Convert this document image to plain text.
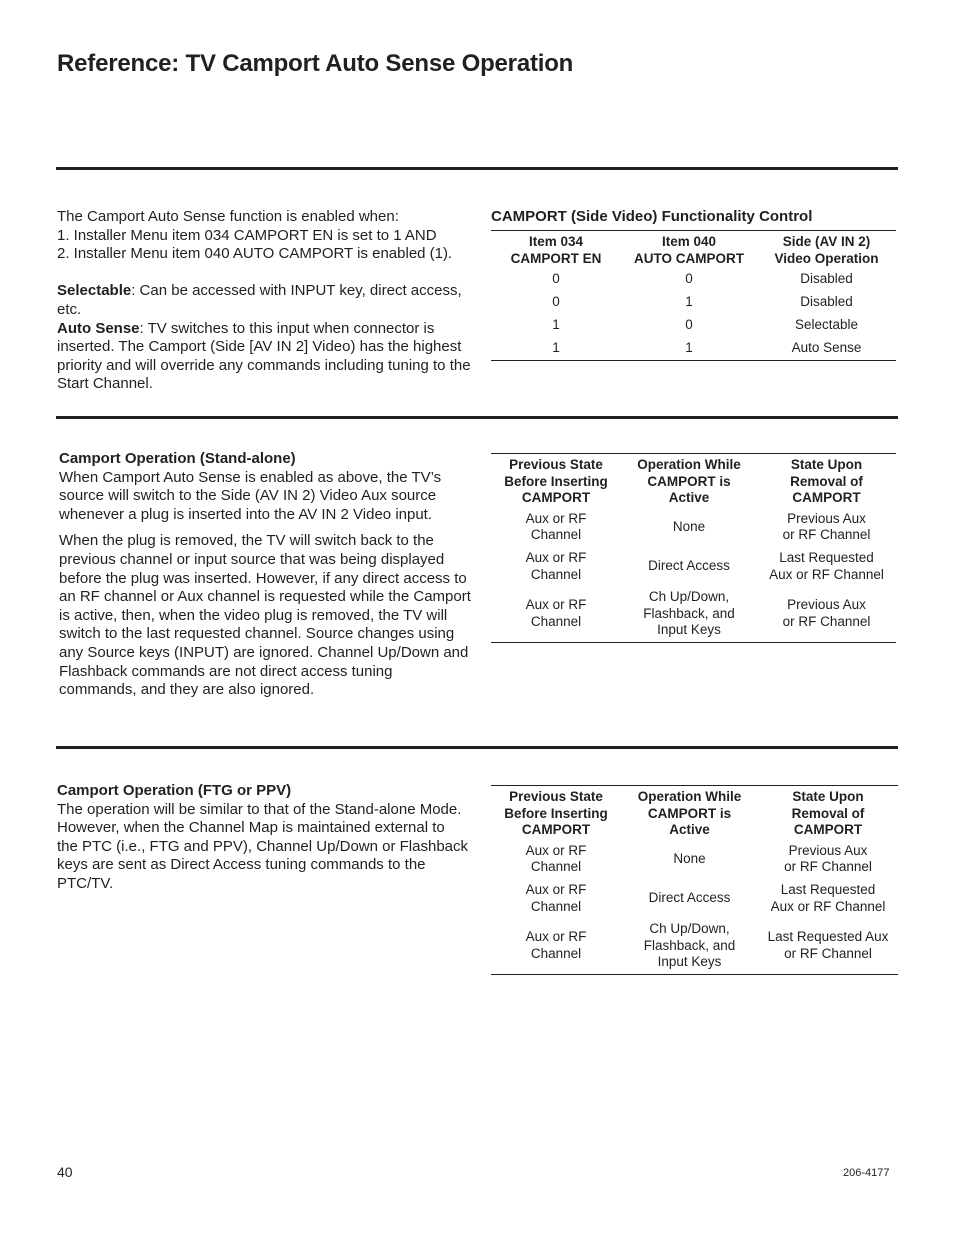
Reference: TV Camport Auto Sense Operation

The Camport Auto Sense function is enabled when:

1. Installer Menu item 034 CAMPORT EN is set to 1 AND

2. Installer Menu item 040 AUTO CAMPORT is enabled (1).

Selectable: Can be accessed with INPUT key, direct access, etc.

Auto Sense: TV switches to this input when connector is inserted. The Camport (Side [AV IN 2] Video) has the highest priority and will override any commands including tuning to the Start Channel.

CAMPORT (Side Video) Functionality Control
Item 034
CAMPORT EN	Item 040
AUTO CAMPORT	Side (AV IN 2)
Video Operation
0	0	Disabled
0	1	Disabled
1	0	Selectable
1	1	Auto Sense

Camport Operation (Stand-alone)

When Camport Auto Sense is enabled as above, the TV’s source will switch to the Side (AV IN 2) Video Aux source whenever a plug is inserted into the AV IN 2 Video input.

When the plug is removed, the TV will switch back to the previous channel or input source that was being displayed before the plug was inserted. However, if any direct access to an RF channel or Aux channel is requested while the Camport is active, then, when the video plug is removed, the TV will switch to the last requested channel. Source changes using any Source keys (INPUT) are ignored. Channel Up/Down and Flashback commands are not direct access tuning commands, and they are also ignored.

Previous State
Before Inserting
CAMPORT	Operation While
CAMPORT is
Active	State Upon
Removal of
CAMPORT
Aux or RF
Channel	None	Previous Aux
or RF Channel
Aux or RF
Channel	Direct Access	Last Requested
Aux or RF Channel
Aux or RF
Channel	Ch Up/Down,
Flashback, and
Input Keys	Previous Aux
or RF Channel

Camport Operation (FTG or PPV)

The operation will be similar to that of the Stand-alone Mode. However, when the Channel Map is maintained external to the PTC (i.e., FTG and PPV), Channel Up/Down or Flashback keys are sent as Direct Access tuning commands to the PTC/TV.

Previous State
Before Inserting
CAMPORT	Operation While
CAMPORT is
Active	State Upon
Removal of
CAMPORT
Aux or RF
Channel	None	Previous Aux
or RF Channel
Aux or RF
Channel	Direct Access	Last Requested
Aux or RF Channel
Aux or RF
Channel	Ch Up/Down,
Flashback, and
Input Keys	Last Requested Aux
or RF Channel
40	206-4177
